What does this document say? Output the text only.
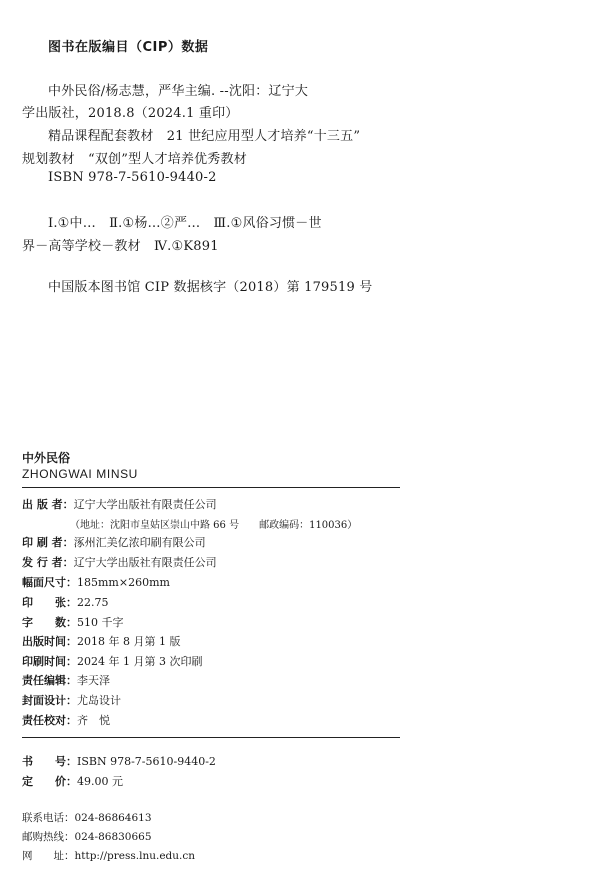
图书在版编目（CIP）数据
中外民俗/杨志慧，严华主编. --沈阳：辽宁大
学出版社，2018.8（2024.1 重印）
精品课程配套教材　21 世纪应用型人才培养“十三五”
规划教材　“双创”型人才培养优秀教材
ISBN 978-7-5610-9440-2
Ⅰ.①中…　Ⅱ.①杨…②严…　Ⅲ.①风俗习惯－世
界－高等学校－教材　Ⅳ.①K891
中国版本图书馆 CIP 数据核字（2018）第 179519 号
中外民俗
ZHONGWAI MINSU
出 版 者：辽宁大学出版社有限责任公司
（地址：沈阳市皇姑区崇山中路 66 号　　邮政编码：110036）
印 刷 者：涿州汇美亿浓印刷有限公司
发 行 者：辽宁大学出版社有限责任公司
幅面尺寸：185mm×260mm
印　　张：22.75
字　　数：510 千字
出版时间：2018 年 8 月第 1 版
印刷时间：2024 年 1 月第 3 次印刷
责任编辑：李天泽
封面设计：尤岛设计
责任校对：齐　悦
书　　号：ISBN 978-7-5610-9440-2
定　　价：49.00 元
联系电话：024-86864613
邮购热线：024-86830665
网　　址：http://press.lnu.edu.cn
